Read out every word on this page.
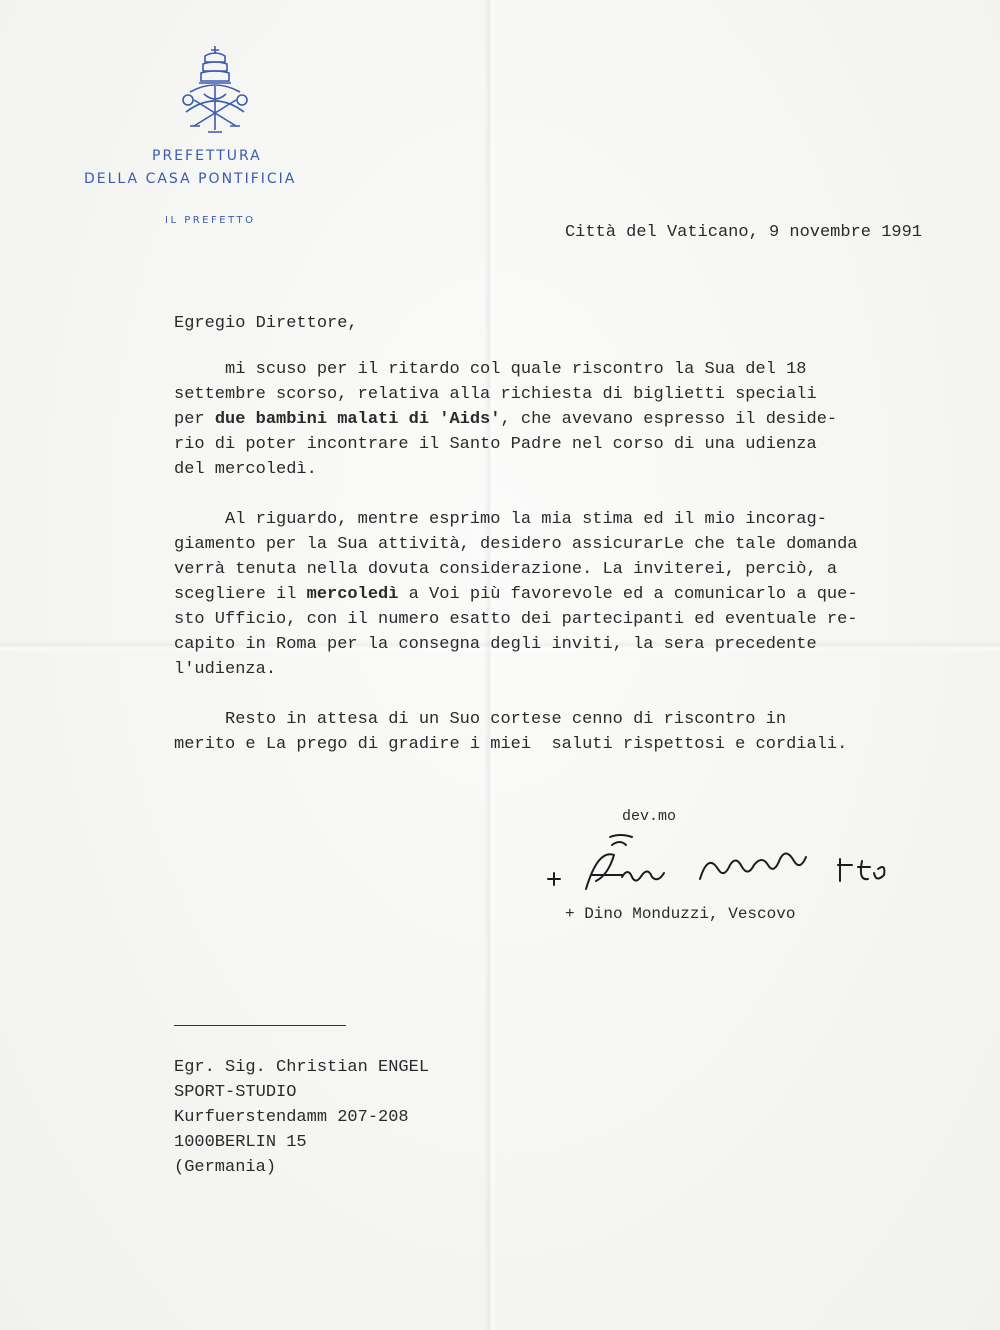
PREFETTURA
DELLA CASA PONTIFICIA
IL PREFETTO
Città del Vaticano, 9 novembre 1991
Egregio Direttore,
mi scuso per il ritardo col quale riscontro la Sua del 18
settembre scorso, relativa alla richiesta di biglietti speciali
per due bambini malati di 'Aids', che avevano espresso il deside-
rio di poter incontrare il Santo Padre nel corso di una udienza
del mercoledì.
Al riguardo, mentre esprimo la mia stima ed il mio incorag-
giamento per la Sua attività, desidero assicurarLe che tale domanda
verrà tenuta nella dovuta considerazione. La inviterei, perciò, a
scegliere il mercoledì a Voi più favorevole ed a comunicarlo a que-
sto Ufficio, con il numero esatto dei partecipanti ed eventuale re-
capito in Roma per la consegna degli inviti, la sera precedente
l'udienza.
Resto in attesa di un Suo cortese cenno di riscontro in
merito e La prego di gradire i miei  saluti rispettosi e cordiali.
dev.mo
+ Dino Monduzzi, Vescovo
Egr. Sig. Christian ENGEL
SPORT-STUDIO
Kurfuerstendamm 207-208
1000BERLIN 15
(Germania)
